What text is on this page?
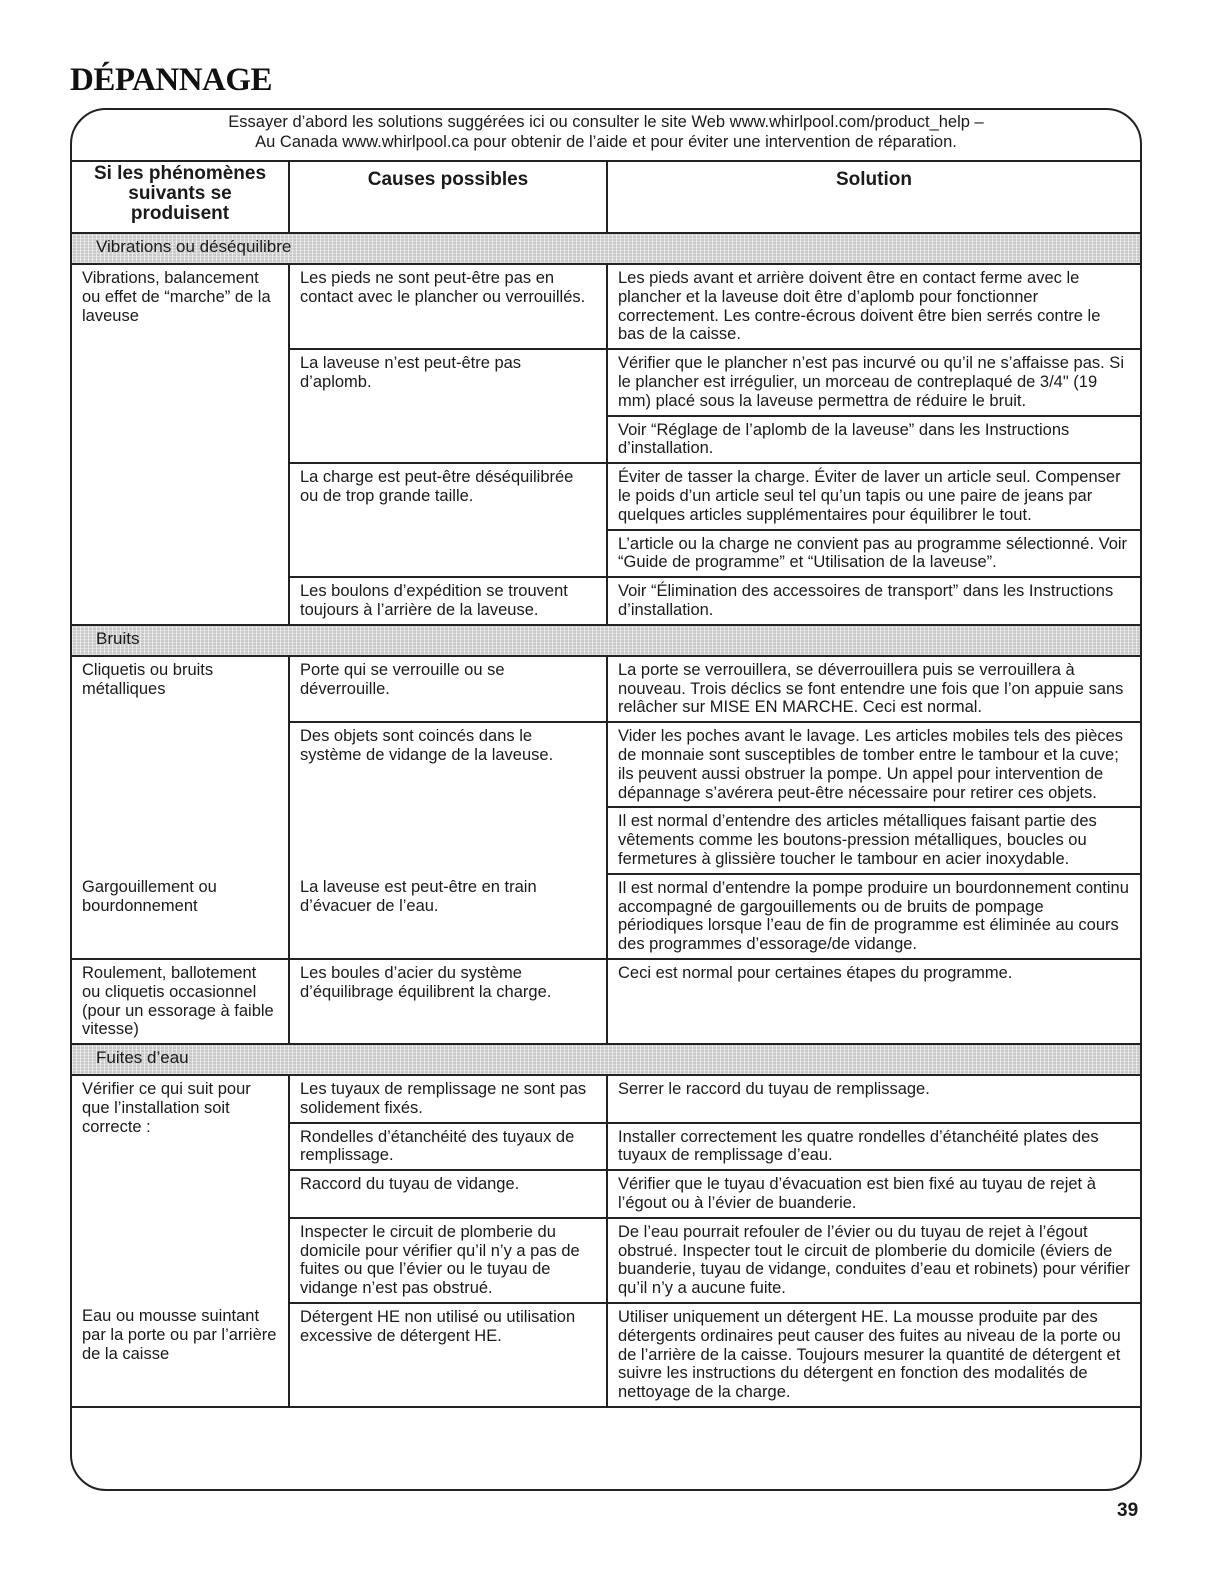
DÉPANNAGE
Essayer d’abord les solutions suggérées ici ou consulter le site Web www.whirlpool.com/product_help –
Au Canada www.whirlpool.ca pour obtenir de l’aide et pour éviter une intervention de réparation.
Si les phénomènes suivants se produisent	Causes possibles	Solution
Vibrations ou déséquilibre		
Vibrations, balancement ou effet de “marche” de la laveuse	Les pieds ne sont peut-être pas en contact avec le plancher ou verrouillés.	Les pieds avant et arrière doivent être en contact ferme avec le plancher et la laveuse doit être d’aplomb pour fonctionner correctement. Les contre-écrous doivent être bien serrés contre le bas de la caisse.
	La laveuse n’est peut-être pas d’aplomb.	Vérifier que le plancher n’est pas incurvé ou qu’il ne s’affaisse pas. Si le plancher est irrégulier, un morceau de contreplaqué de 3/4" (19 mm) placé sous la laveuse permettra de réduire le bruit.
		Voir “Réglage de l’aplomb de la laveuse” dans les Instructions d’installation.
	La charge est peut-être déséquilibrée ou de trop grande taille.	Éviter de tasser la charge. Éviter de laver un article seul. Compenser le poids d’un article seul tel qu’un tapis ou une paire de jeans par quelques articles supplémentaires pour équilibrer le tout.
		L’article ou la charge ne convient pas au programme sélectionné. Voir “Guide de programme” et “Utilisation de la laveuse”.
	Les boulons d’expédition se trouvent toujours à l’arrière de la laveuse.	Voir “Élimination des accessoires de transport” dans les Instructions d’installation.
Bruits		
Cliquetis ou bruits métalliques	Porte qui se verrouille ou se déverrouille.	La porte se verrouillera, se déverrouillera puis se verrouillera à nouveau. Trois déclics se font entendre une fois que l’on appuie sans relâcher sur MISE EN MARCHE. Ceci est normal.
	Des objets sont coincés dans le système de vidange de la laveuse.	Vider les poches avant le lavage. Les articles mobiles tels des pièces de monnaie sont susceptibles de tomber entre le tambour et la cuve; ils peuvent aussi obstruer la pompe. Un appel pour intervention de dépannage s’avérera peut-être nécessaire pour retirer ces objets.
		Il est normal d’entendre des articles métalliques faisant partie des vêtements comme les boutons-pression métalliques, boucles ou fermetures à glissière toucher le tambour en acier inoxydable.
Gargouillement ou bourdonnement	La laveuse est peut-être en train d’évacuer de l’eau.	Il est normal d’entendre la pompe produire un bourdonnement continu accompagné de gargouillements ou de bruits de pompage périodiques lorsque l’eau de fin de programme est éliminée au cours des programmes d’essorage/de vidange.
Roulement, ballotement ou cliquetis occasionnel (pour un essorage à faible vitesse)	Les boules d’acier du système d’équilibrage équilibrent la charge.	Ceci est normal pour certaines étapes du programme.
Fuites d’eau		
Vérifier ce qui suit pour que l’installation soit correcte :	Les tuyaux de remplissage ne sont pas solidement fixés.	Serrer le raccord du tuyau de remplissage.
	Rondelles d’étanchéité des tuyaux de remplissage.	Installer correctement les quatre rondelles d’étanchéité plates des tuyaux de remplissage d’eau.
	Raccord du tuyau de vidange.	Vérifier que le tuyau d’évacuation est bien fixé au tuyau de rejet à l’égout ou à l’évier de buanderie.
	Inspecter le circuit de plomberie du domicile pour vérifier qu’il n’y a pas de fuites ou que l’évier ou le tuyau de vidange n’est pas obstrué.	De l’eau pourrait refouler de l’évier ou du tuyau de rejet à l’égout obstrué. Inspecter tout le circuit de plomberie du domicile (éviers de buanderie, tuyau de vidange, conduites d’eau et robinets) pour vérifier qu’il n’y a aucune fuite.
Eau ou mousse suintant par la porte ou par l’arrière de la caisse	Détergent HE non utilisé ou utilisation excessive de détergent HE.	Utiliser uniquement un détergent HE. La mousse produite par des détergents ordinaires peut causer des fuites au niveau de la porte ou de l’arrière de la caisse. Toujours mesurer la quantité de détergent et suivre les instructions du détergent en fonction des modalités de nettoyage de la charge.
39
